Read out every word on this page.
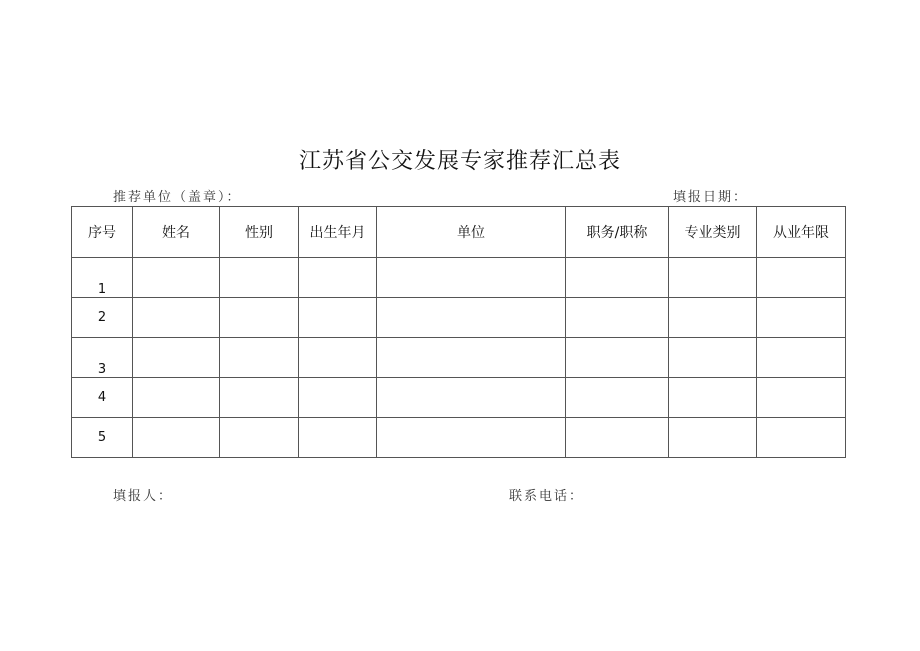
江苏省公交发展专家推荐汇总表
推荐单位（盖章）：	填报日期：
序号	姓名	性别	出生年月	单位	职务/职称	专业类别	从业年限
1							
2							
3							
4							
5							
填报人：	联系电话：
